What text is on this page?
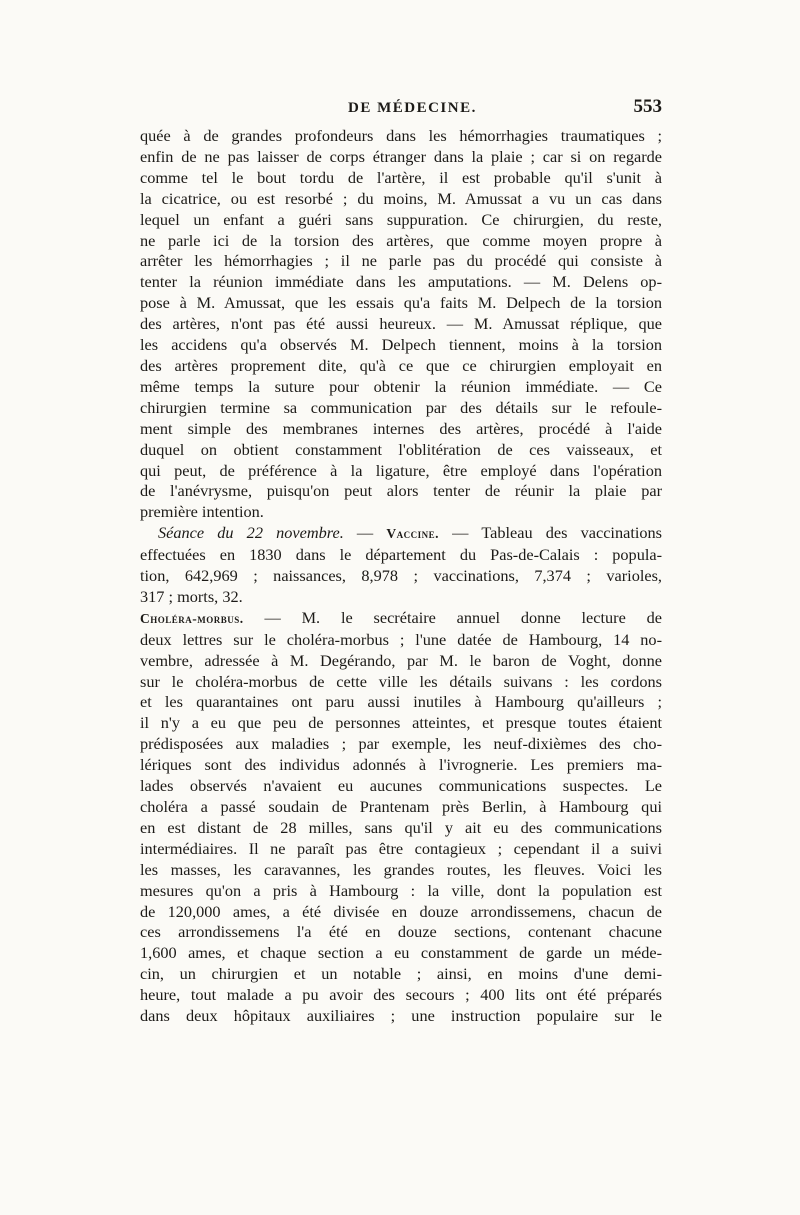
DE MÉDECINE.	553
quée à de grandes profondeurs dans les hémorrhagies traumatiques ;
enfin de ne pas laisser de corps étranger dans la plaie ; car si on regarde
comme tel le bout tordu de l'artère, il est probable qu'il s'unit à
la cicatrice, ou est resorbé ; du moins, M. Amussat a vu un cas dans
lequel un enfant a guéri sans suppuration. Ce chirurgien, du reste,
ne parle ici de la torsion des artères, que comme moyen propre à
arrêter les hémorrhagies ; il ne parle pas du procédé qui consiste à
tenter la réunion immédiate dans les amputations. — M. Delens op-
pose à M. Amussat, que les essais qu'a faits M. Delpech de la torsion
des artères, n'ont pas été aussi heureux. — M. Amussat réplique, que
les accidens qu'a observés M. Delpech tiennent, moins à la torsion
des artères proprement dite, qu'à ce que ce chirurgien employait en
même temps la suture pour obtenir la réunion immédiate. — Ce
chirurgien termine sa communication par des détails sur le refoule-
ment simple des membranes internes des artères, procédé à l'aide
duquel on obtient constamment l'oblitération de ces vaisseaux, et
qui peut, de préférence à la ligature, être employé dans l'opération
de l'anévrysme, puisqu'on peut alors tenter de réunir la plaie par
première intention.
Séance du 22 novembre. — Vaccine. — Tableau des vaccinations
effectuées en 1830 dans le département du Pas-de-Calais : popula-
tion, 642,969 ; naissances, 8,978 ; vaccinations, 7,374 ; varioles,
317 ; morts, 32.
Choléra-morbus. — M. le secrétaire annuel donne lecture de
deux lettres sur le choléra-morbus ; l'une datée de Hambourg, 14 no-
vembre, adressée à M. Degérando, par M. le baron de Voght, donne
sur le choléra-morbus de cette ville les détails suivans : les cordons
et les quarantaines ont paru aussi inutiles à Hambourg qu'ailleurs ;
il n'y a eu que peu de personnes atteintes, et presque toutes étaient
prédisposées aux maladies ; par exemple, les neuf-dixièmes des cho-
lériques sont des individus adonnés à l'ivrognerie. Les premiers ma-
lades observés n'avaient eu aucunes communications suspectes. Le
choléra a passé soudain de Prantenam près Berlin, à Hambourg qui
en est distant de 28 milles, sans qu'il y ait eu des communications
intermédiaires. Il ne paraît pas être contagieux ; cependant il a suivi
les masses, les caravannes, les grandes routes, les fleuves. Voici les
mesures qu'on a pris à Hambourg : la ville, dont la population est
de 120,000 ames, a été divisée en douze arrondissemens, chacun de
ces arrondissemens l'a été en douze sections, contenant chacune
1,600 ames, et chaque section a eu constamment de garde un méde-
cin, un chirurgien et un notable ; ainsi, en moins d'une demi-
heure, tout malade a pu avoir des secours ; 400 lits ont été préparés
dans deux hôpitaux auxiliaires ; une instruction populaire sur le
